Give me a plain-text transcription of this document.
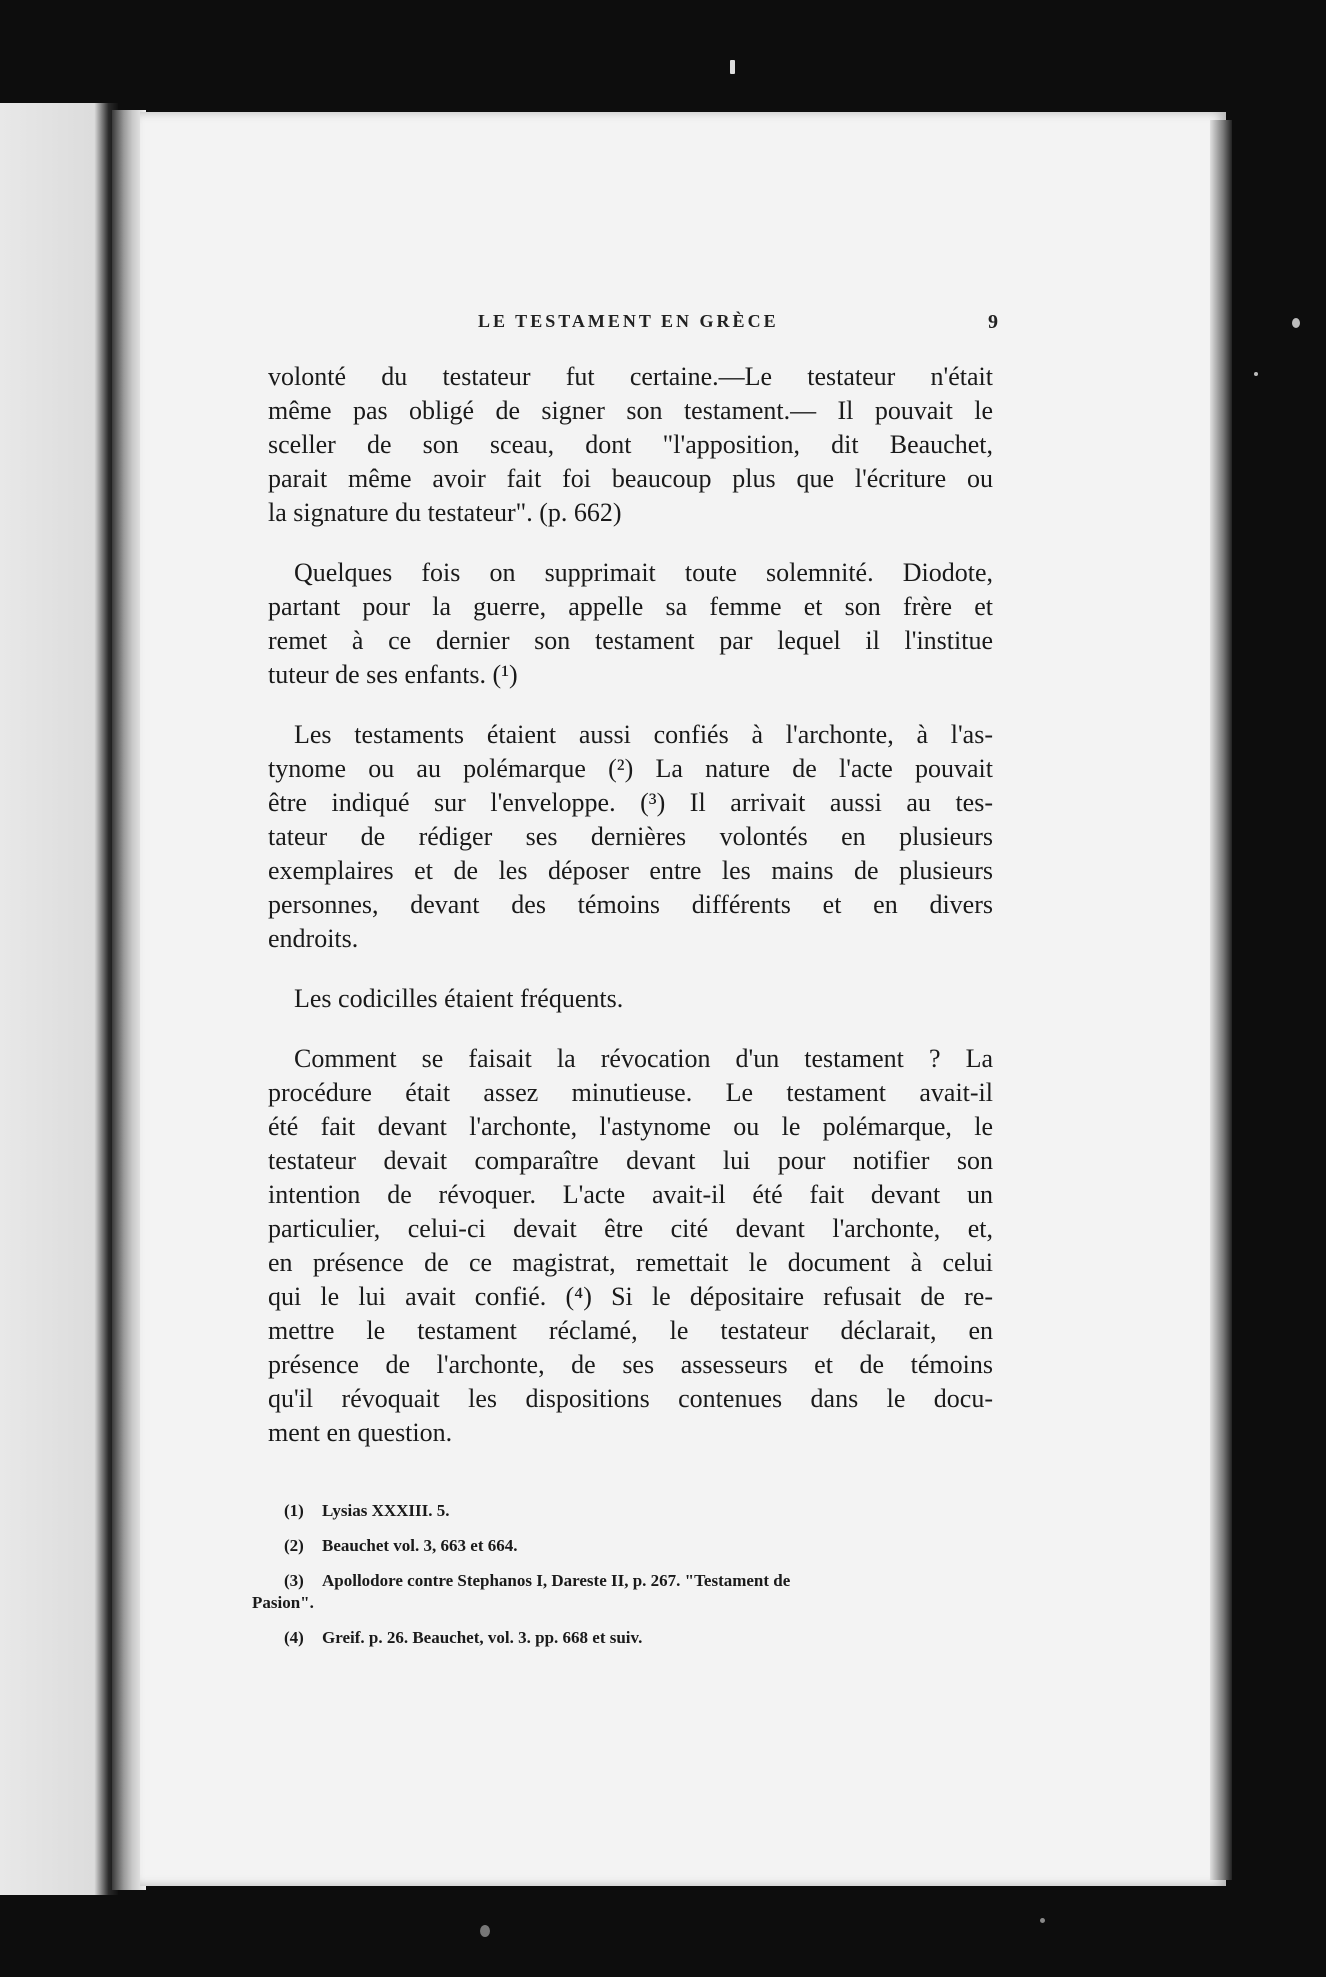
LE TESTAMENT EN GRÈCE	9
volonté du testateur fut certaine.—Le testateur n'était
même pas obligé de signer son testament.— Il pouvait le
sceller de son sceau, dont "l'apposition, dit Beauchet,
parait même avoir fait foi beaucoup plus que l'écriture ou
la signature du testateur". (p. 662)
Quelques fois on supprimait toute solemnité. Diodote,
partant pour la guerre, appelle sa femme et son frère et
remet à ce dernier son testament par lequel il l'institue
tuteur de ses enfants. (¹)
Les testaments étaient aussi confiés à l'archonte, à l'as-
tynome ou au polémarque (²) La nature de l'acte pouvait
être indiqué sur l'enveloppe. (³) Il arrivait aussi au tes-
tateur de rédiger ses dernières volontés en plusieurs
exemplaires et de les déposer entre les mains de plusieurs
personnes, devant des témoins différents et en divers
endroits.
Les codicilles étaient fréquents.
Comment se faisait la révocation d'un testament ? La
procédure était assez minutieuse. Le testament avait-il
été fait devant l'archonte, l'astynome ou le polémarque, le
testateur devait comparaître devant lui pour notifier son
intention de révoquer. L'acte avait-il été fait devant un
particulier, celui-ci devait être cité devant l'archonte, et,
en présence de ce magistrat, remettait le document à celui
qui le lui avait confié. (⁴) Si le dépositaire refusait de re-
mettre le testament réclamé, le testateur déclarait, en
présence de l'archonte, de ses assesseurs et de témoins
qu'il révoquait les dispositions contenues dans le docu-
ment en question.
(1) Lysias XXXIII. 5.
(2) Beauchet vol. 3, 663 et 664.
(3) Apollodore contre Stephanos I, Dareste II, p. 267. "Testament de
Pasion".
(4) Greif. p. 26. Beauchet, vol. 3. pp. 668 et suiv.
